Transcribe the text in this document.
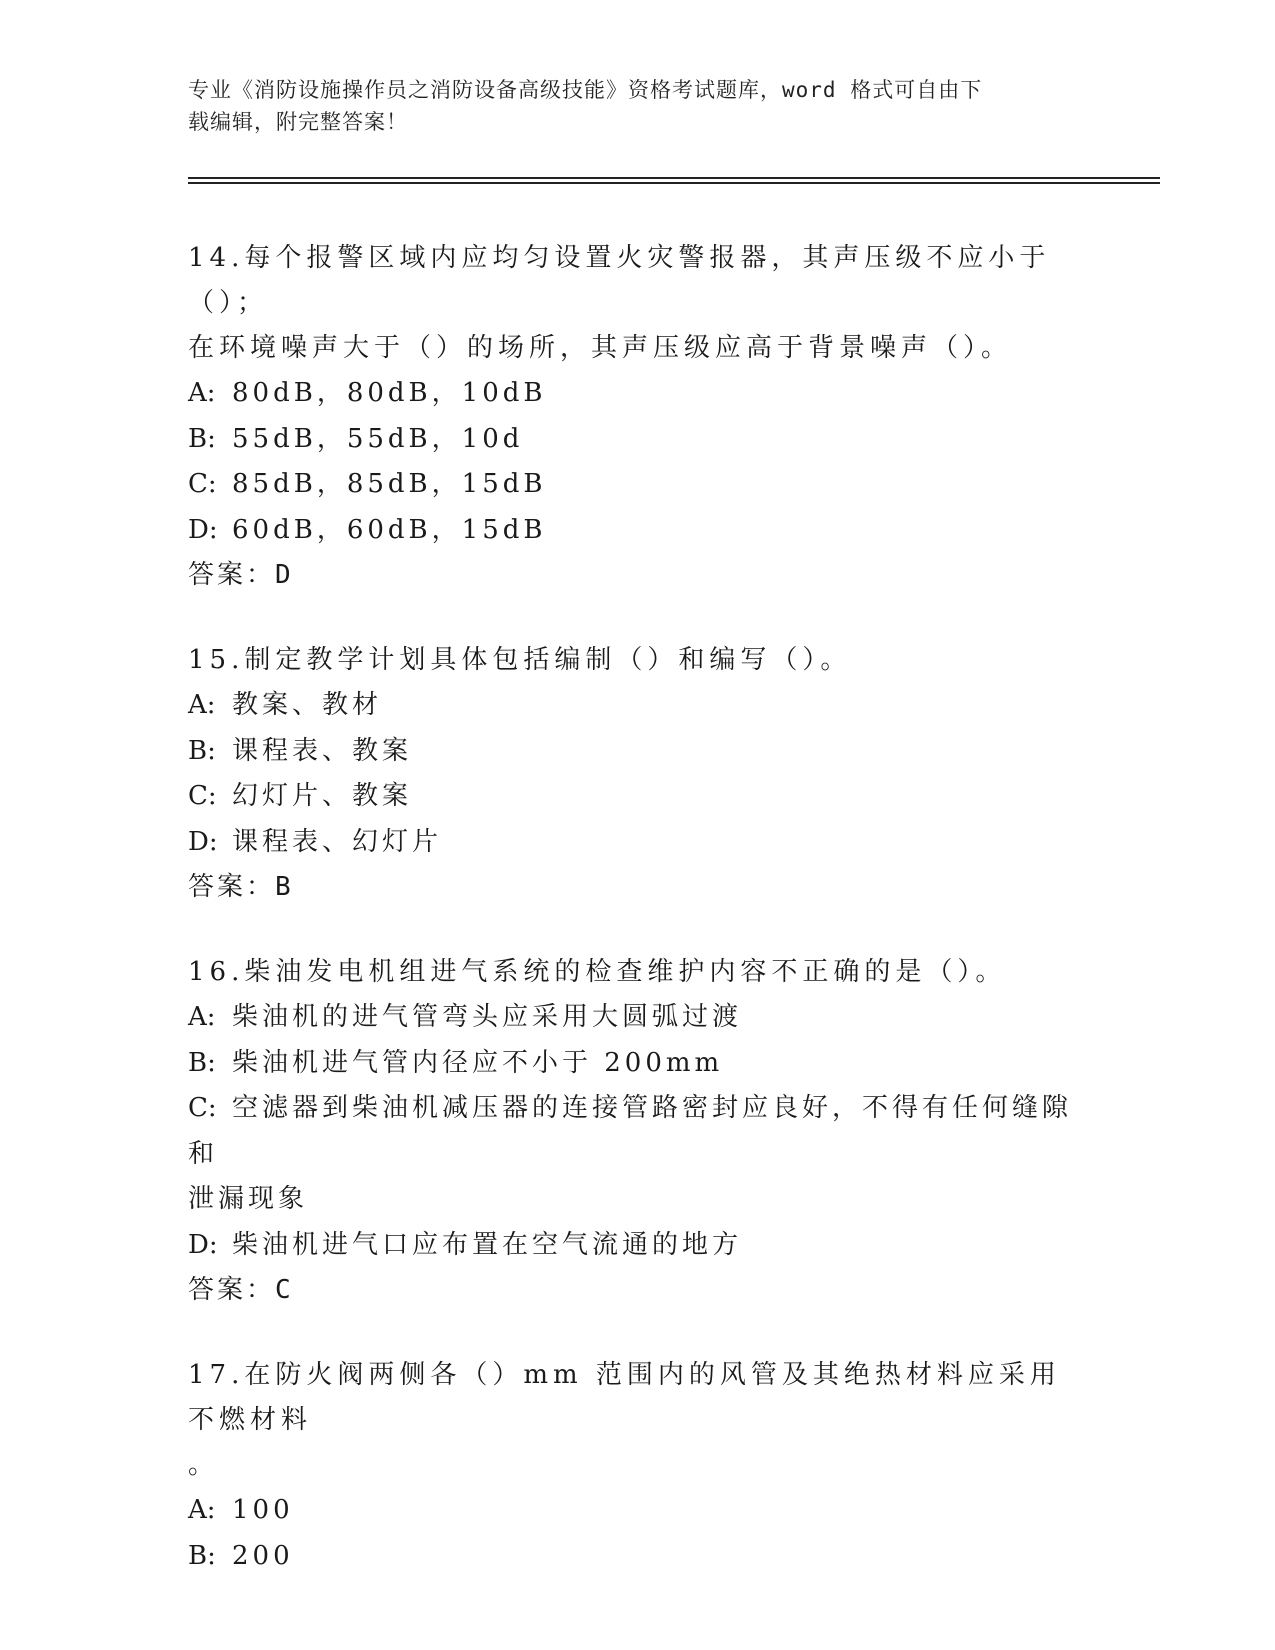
专业《消防设施操作员之消防设备高级技能》资格考试题库，word 格式可自由下
载编辑，附完整答案！
14.每个报警区域内应均匀设置火灾警报器，其声压级不应小于（）；
在环境噪声大于（）的场所，其声压级应高于背景噪声（）。
A: 80dB，80dB，10dB
B: 55dB，55dB，10d
C: 85dB，85dB，15dB
D: 60dB，60dB，15dB
答案：D
15.制定教学计划具体包括编制（）和编写（）。
A: 教案、教材
B: 课程表、教案
C: 幻灯片、教案
D: 课程表、幻灯片
答案：B
16.柴油发电机组进气系统的检查维护内容不正确的是（）。
A: 柴油机的进气管弯头应采用大圆弧过渡
B: 柴油机进气管内径应不小于 200mm
C: 空滤器到柴油机减压器的连接管路密封应良好，不得有任何缝隙和
泄漏现象
D: 柴油机进气口应布置在空气流通的地方
答案：C
17.在防火阀两侧各（）mm 范围内的风管及其绝热材料应采用不燃材料
。
A: 100
B: 200
